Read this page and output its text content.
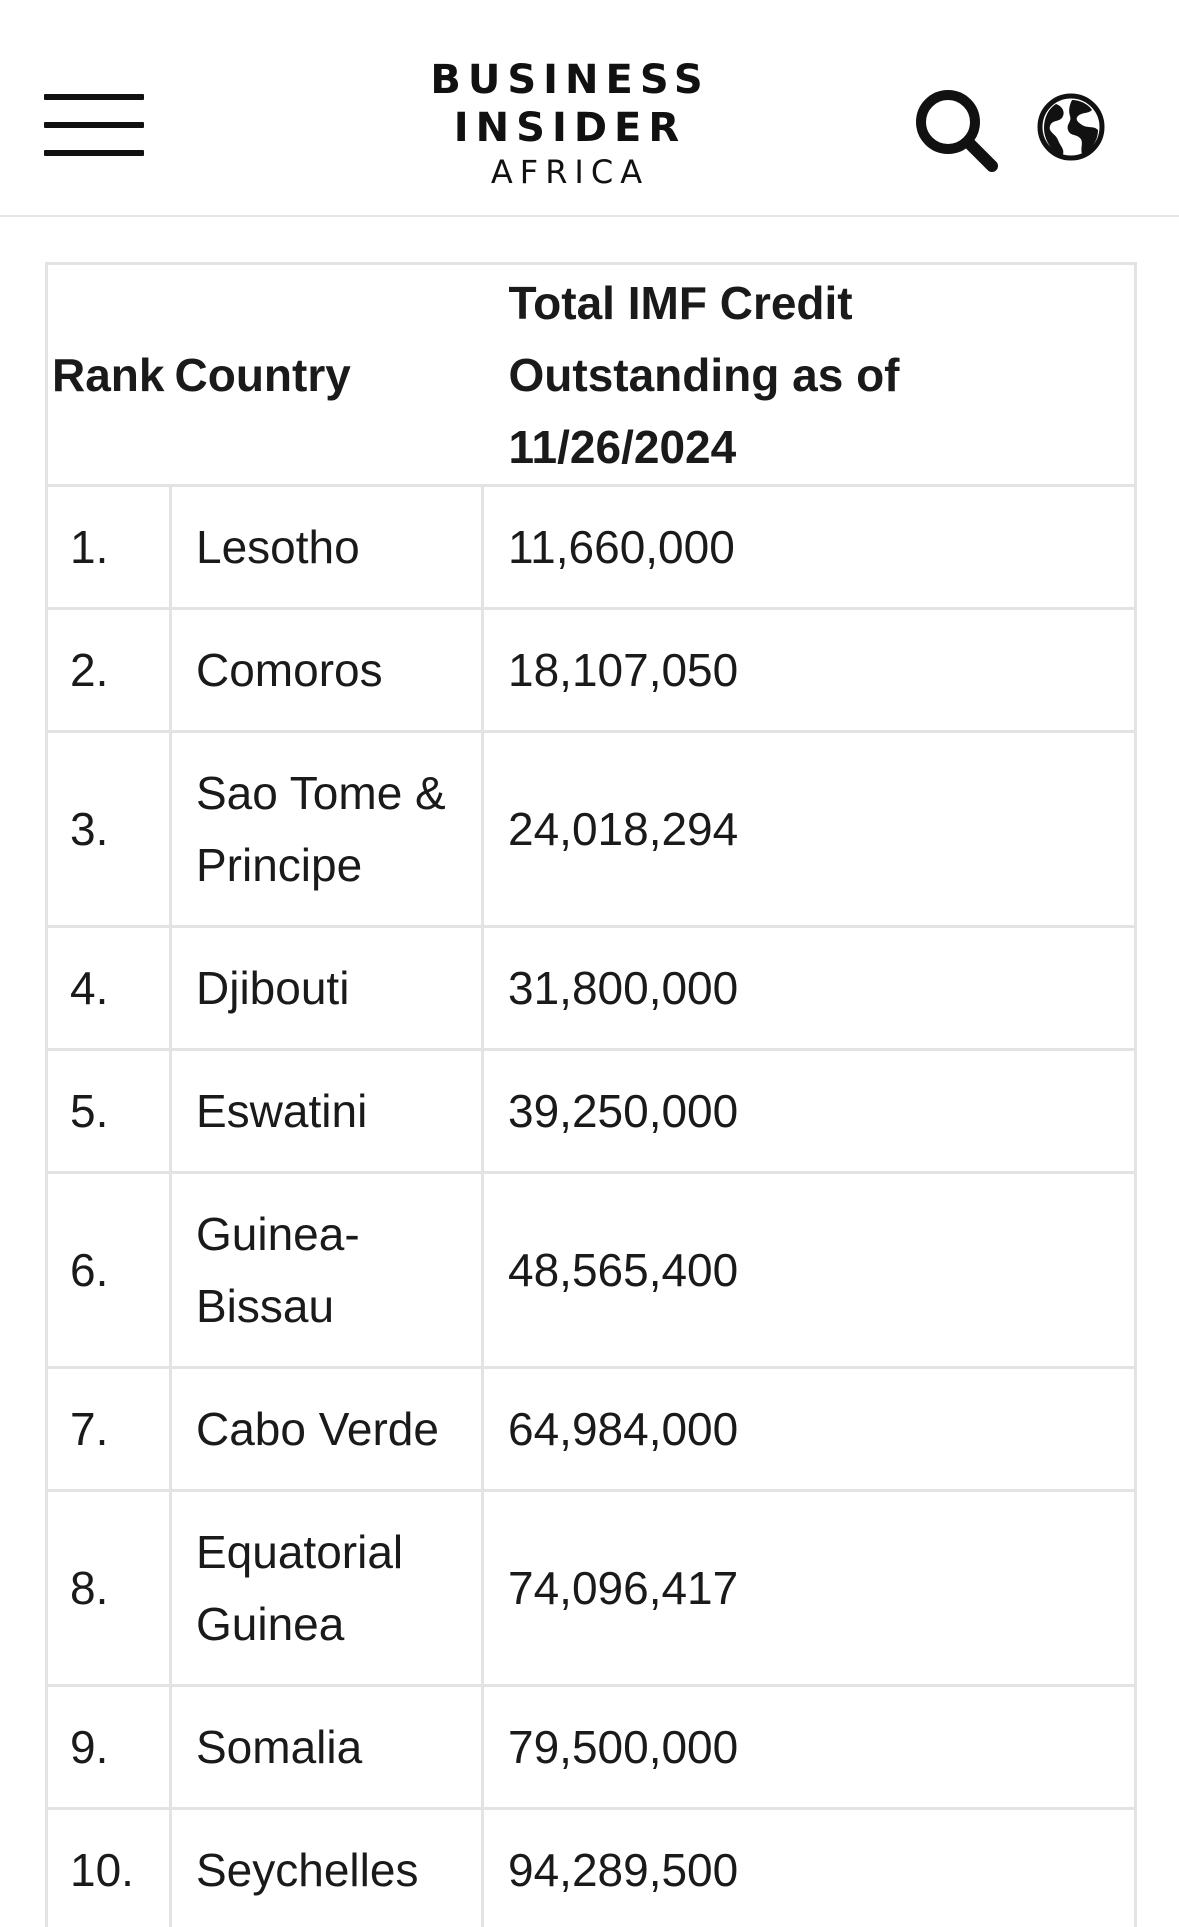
BUSINESS
INSIDER
AFRICA
Rank	Country	Total IMF Credit Outstanding as of 11/26/2024
1.	Lesotho	11,660,000
2.	Comoros	18,107,050
3.	Sao Tome & Principe	24,018,294
4.	Djibouti	31,800,000
5.	Eswatini	39,250,000
6.	Guinea-Bissau	48,565,400
7.	Cabo Verde	64,984,000
8.	Equatorial Guinea	74,096,417
9.	Somalia	79,500,000
10.	Seychelles	94,289,500
